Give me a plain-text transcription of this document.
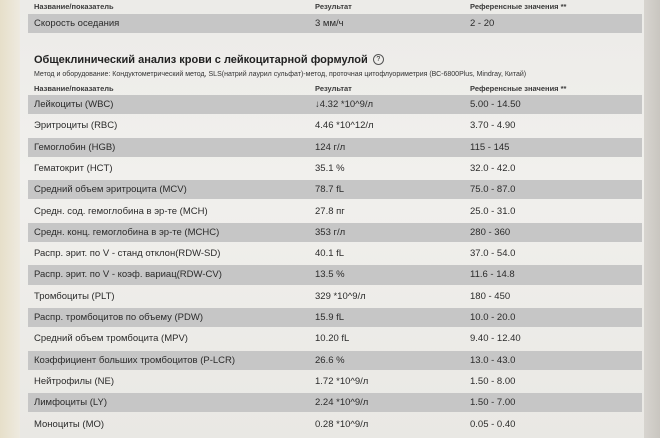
Название/показатель	Результат	Референсные значения **
Скорость оседания	3 мм/ч	2 - 20
Общеклинический анализ крови с лейкоцитарной формулой ?
Метод и оборудование: Кондуктометрический метод, SLS(натрий лаурил сульфат)-метод, проточная цитофлуориметрия (ВС-6800Plus, Mindray, Китай)
Название/показатель	Результат	Референсные значения **
Лейкоциты (WBC)	↓4.32 *10^9/л	5.00 - 14.50
Эритроциты (RBC)	4.46 *10^12/л	3.70 - 4.90
Гемоглобин (HGB)	124 г/л	115 - 145
Гематокрит (HCT)	35.1 %	32.0 - 42.0
Средний объем эритроцита (MCV)	78.7 fL	75.0 - 87.0
Средн. сод. гемоглобина в эр-те (MCH)	27.8 пг	25.0 - 31.0
Средн. конц. гемоглобина в эр-те (MCHC)	353 г/л	280 - 360
Распр. эрит. по V - станд отклон(RDW-SD)	40.1 fL	37.0 - 54.0
Распр. эрит. по V - коэф. вариац(RDW-CV)	13.5 %	11.6 - 14.8
Тромбоциты (PLT)	329 *10^9/л	180 - 450
Распр. тромбоцитов по объему (PDW)	15.9 fL	10.0 - 20.0
Средний объем тромбоцита (MPV)	10.20 fL	9.40 - 12.40
Коэффициент больших тромбоцитов (P-LCR)	26.6 %	13.0 - 43.0
Нейтрофилы (NE)	1.72 *10^9/л	1.50 - 8.00
Лимфоциты (LY)	2.24 *10^9/л	1.50 - 7.00
Моноциты (MO)	0.28 *10^9/л	0.05 - 0.40
